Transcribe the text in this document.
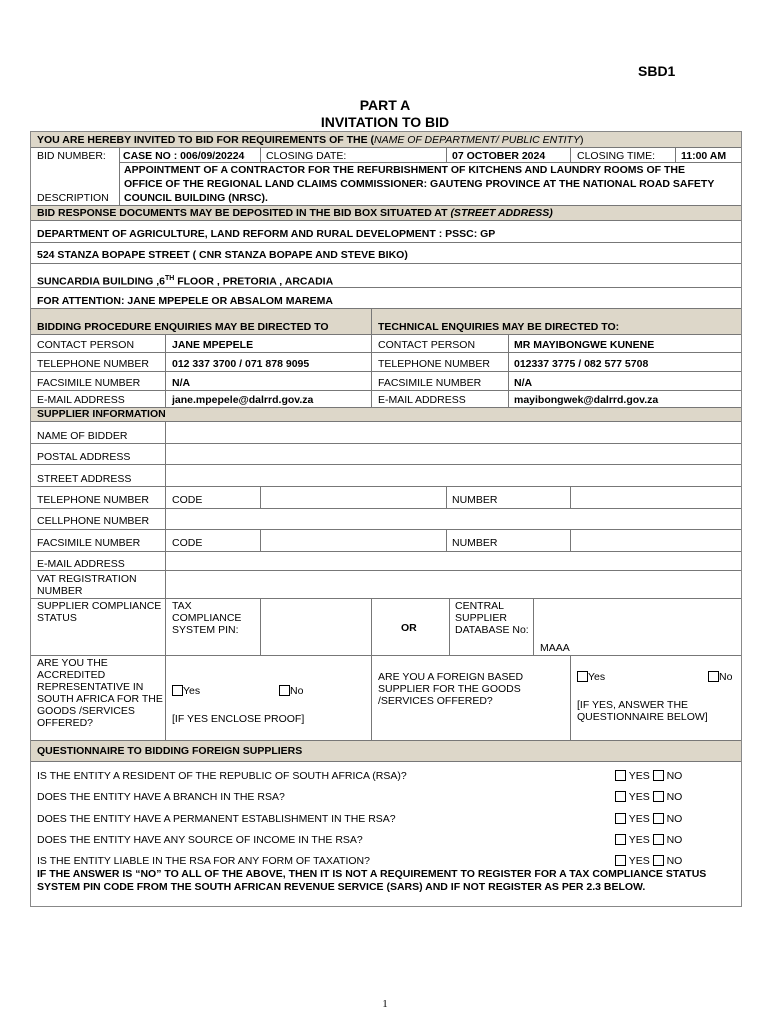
SBD1
PART A
INVITATION TO BID
YOU ARE HEREBY INVITED TO BID FOR REQUIREMENTS OF THE (NAME OF DEPARTMENT/ PUBLIC ENTITY)
BID NUMBER: CASE NO : 006/09/20224 CLOSING DATE:	07 OCTOBER 2024	CLOSING TIME: 11:00 AM
DESCRIPTION
APPOINTMENT OF A CONTRACTOR FOR THE REFURBISHMENT OF KITCHENS AND LAUNDRY ROOMS OF THE
OFFICE OF THE REGIONAL LAND CLAIMS COMMISSIONER: GAUTENG PROVINCE AT THE NATIONAL ROAD SAFETY
COUNCIL BUILDING (NRSC).
BID RESPONSE DOCUMENTS MAY BE DEPOSITED IN THE BID BOX SITUATED AT (STREET ADDRESS)
DEPARTMENT OF AGRICULTURE, LAND REFORM AND RURAL DEVELOPMENT : PSSC: GP
524 STANZA BOPAPE STREET ( CNR STANZA BOPAPE AND STEVE BIKO)
SUNCARDIA BUILDING ,6TH FLOOR , PRETORIA , ARCADIA
FOR ATTENTION: JANE MPEPELE OR ABSALOM MAREMA
BIDDING PROCEDURE ENQUIRIES MAY BE DIRECTED TO	TECHNICAL ENQUIRIES MAY BE DIRECTED TO:
CONTACT PERSON	JANE MPEPELE	CONTACT PERSON	MR MAYIBONGWE KUNENE
TELEPHONE NUMBER 012 337 3700 / 071 878 9095	TELEPHONE NUMBER 012337 3775 / 082 577 5708
FACSIMILE NUMBER	N/A	FACSIMILE NUMBER	N/A
E-MAIL ADDRESS	jane.mpepele@dalrrd.gov.za	E-MAIL ADDRESS	mayibongwek@dalrrd.gov.za
SUPPLIER INFORMATION
NAME OF BIDDER
POSTAL ADDRESS
STREET ADDRESS
TELEPHONE NUMBER CODE	NUMBER
CELLPHONE NUMBER
FACSIMILE NUMBER	CODE	NUMBER
E-MAIL ADDRESS
VAT REGISTRATION
NUMBER
SUPPLIER COMPLIANCE STATUS
TAX COMPLIANCE SYSTEM PIN:	OR
CENTRAL SUPPLIER DATABASE No:
MAAA
ARE YOU THE ACCREDITED REPRESENTATIVE IN SOUTH AFRICA FOR THE GOODS /SERVICES OFFERED?
Yes	No
[IF YES ENCLOSE PROOF]
ARE YOU A FOREIGN BASED SUPPLIER FOR THE GOODS /SERVICES OFFERED?
Yes	No
[IF YES, ANSWER THE QUESTIONNAIRE BELOW]
QUESTIONNAIRE TO BIDDING FOREIGN SUPPLIERS
IS THE ENTITY A RESIDENT OF THE REPUBLIC OF SOUTH AFRICA (RSA)?	YES NO
DOES THE ENTITY HAVE A BRANCH IN THE RSA?	YES NO
DOES THE ENTITY HAVE A PERMANENT ESTABLISHMENT IN THE RSA?	YES NO
DOES THE ENTITY HAVE ANY SOURCE OF INCOME IN THE RSA?	YES NO
IS THE ENTITY LIABLE IN THE RSA FOR ANY FORM OF TAXATION?	YES NO
IF THE ANSWER IS “NO” TO ALL OF THE ABOVE, THEN IT IS NOT A REQUIREMENT TO REGISTER FOR A TAX COMPLIANCE STATUS
SYSTEM PIN CODE FROM THE SOUTH AFRICAN REVENUE SERVICE (SARS) AND IF NOT REGISTER AS PER 2.3 BELOW.
1
